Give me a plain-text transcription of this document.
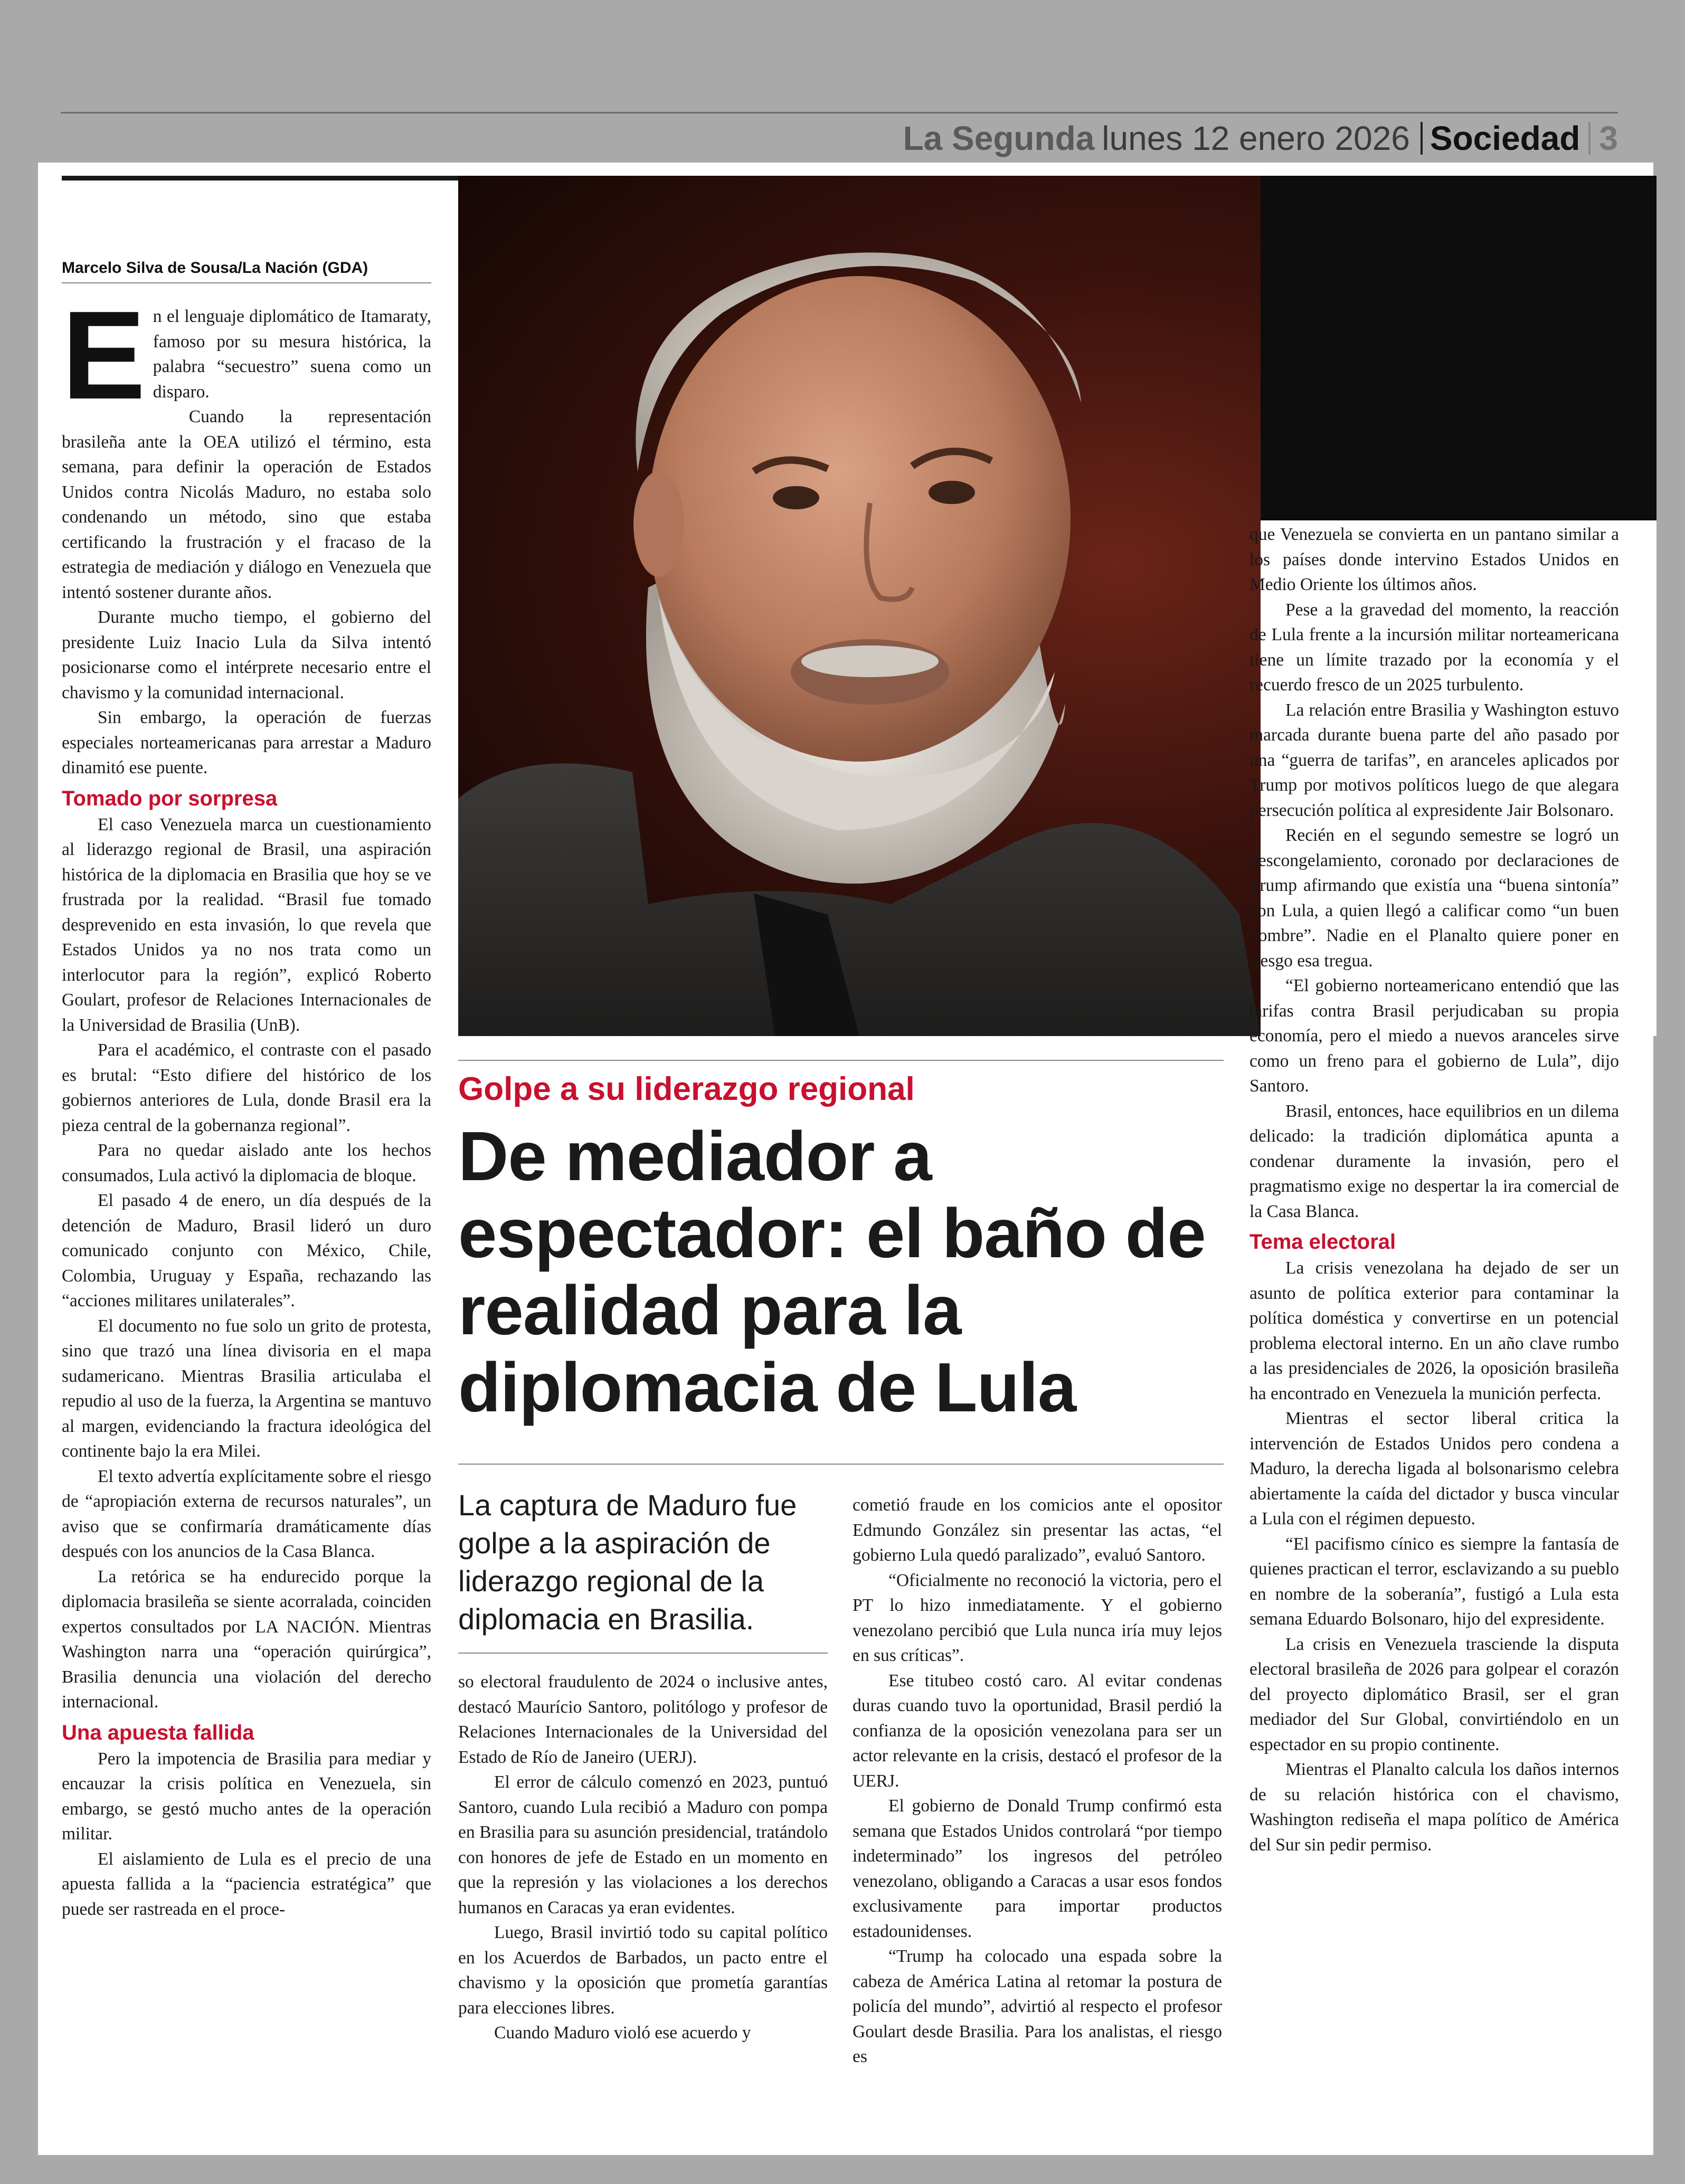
La Segunda lunes 12 enero 2026 Sociedad 3
Marcelo Silva de Sousa/La Nación (GDA)

En el lenguaje diplomático de Itamaraty, famoso por su mesura histórica, la palabra “secuestro” suena como un disparo.

Cuando la representación brasileña ante la OEA utilizó el término, esta semana, para definir la operación de Estados Unidos contra Nicolás Maduro, no estaba solo condenando un método, sino que estaba certificando la frustración y el fracaso de la estrategia de mediación y diálogo en Venezuela que intentó sostener durante años.

Durante mucho tiempo, el gobierno del presidente Luiz Inacio Lula da Silva intentó posicionarse como el intérprete necesario entre el chavismo y la comunidad internacional.

Sin embargo, la operación de fuerzas especiales norteamericanas para arrestar a Maduro dinamitó ese puente.

Tomado por sorpresa

El caso Venezuela marca un cuestionamiento al liderazgo regional de Brasil, una aspiración histórica de la diplomacia en Brasilia que hoy se ve frustrada por la realidad. “Brasil fue tomado desprevenido en esta invasión, lo que revela que Estados Unidos ya no nos trata como un interlocutor para la región”, explicó Roberto Goulart, profesor de Relaciones Internacionales de la Universidad de Brasilia (UnB).

Para el académico, el contraste con el pasado es brutal: “Esto difiere del histórico de los gobiernos anteriores de Lula, donde Brasil era la pieza central de la gobernanza regional”.

Para no quedar aislado ante los hechos consumados, Lula activó la diplomacia de bloque.

El pasado 4 de enero, un día después de la detención de Maduro, Brasil lideró un duro comunicado conjunto con México, Chile, Colombia, Uruguay y España, rechazando las “acciones militares unilaterales”.

El documento no fue solo un grito de protesta, sino que trazó una línea divisoria en el mapa sudamericano. Mientras Brasilia articulaba el repudio al uso de la fuerza, la Argentina se mantuvo al margen, evidenciando la fractura ideológica del continente bajo la era Milei.

El texto advertía explícitamente sobre el riesgo de “apropiación externa de recursos naturales”, un aviso que se confirmaría dramáticamente días después con los anuncios de la Casa Blanca.

La retórica se ha endurecido porque la diplomacia brasileña se siente acorralada, coinciden expertos consultados por LA NACIÓN. Mientras Washington narra una “operación quirúrgica”, Brasilia denuncia una violación del derecho internacional.

Una apuesta fallida

Pero la impotencia de Brasilia para mediar y encauzar la crisis política en Venezuela, sin embargo, se gestó mucho antes de la operación militar.

El aislamiento de Lula es el precio de una apuesta fallida a la “paciencia estratégica” que puede ser rastreada en el proce-

Golpe a su liderazgo regional
De mediador a espectador: el baño de realidad para la diplomacia de Lula
La captura de Maduro fue golpe a la aspiración de liderazgo regional de la diplomacia en Brasilia.

so electoral fraudulento de 2024 o inclusive antes, destacó Maurício Santoro, politólogo y profesor de Relaciones Internacionales de la Universidad del Estado de Río de Janeiro (UERJ).

El error de cálculo comenzó en 2023, puntuó Santoro, cuando Lula recibió a Maduro con pompa en Brasilia para su asunción presidencial, tratándolo con honores de jefe de Estado en un momento en que la represión y las violaciones a los derechos humanos en Caracas ya eran evidentes.

Luego, Brasil invirtió todo su capital político en los Acuerdos de Barbados, un pacto entre el chavismo y la oposición que prometía garantías para elecciones libres.

Cuando Maduro violó ese acuerdo y

cometió fraude en los comicios ante el opositor Edmundo González sin presentar las actas, “el gobierno Lula quedó paralizado”, evaluó Santoro.

“Oficialmente no reconoció la victoria, pero el PT lo hizo inmediatamente. Y el gobierno venezolano percibió que Lula nunca iría muy lejos en sus críticas”.

Ese titubeo costó caro. Al evitar condenas duras cuando tuvo la oportunidad, Brasil perdió la confianza de la oposición venezolana para ser un actor relevante en la crisis, destacó el profesor de la UERJ.

El gobierno de Donald Trump confirmó esta semana que Estados Unidos controlará “por tiempo indeterminado” los ingresos del petróleo venezolano, obligando a Caracas a usar esos fondos exclusivamente para importar productos estadounidenses.

“Trump ha colocado una espada sobre la cabeza de América Latina al retomar la postura de policía del mundo”, advirtió al respecto el profesor Goulart desde Brasilia. Para los analistas, el riesgo es

que Venezuela se convierta en un pantano similar a los países donde intervino Estados Unidos en Medio Oriente los últimos años.

Pese a la gravedad del momento, la reacción de Lula frente a la incursión militar norteamericana tiene un límite trazado por la economía y el recuerdo fresco de un 2025 turbulento.

La relación entre Brasilia y Washington estuvo marcada durante buena parte del año pasado por una “guerra de tarifas”, en aranceles aplicados por Trump por motivos políticos luego de que alegara persecución política al expresidente Jair Bolsonaro.

Recién en el segundo semestre se logró un descongelamiento, coronado por declaraciones de Trump afirmando que existía una “buena sintonía” con Lula, a quien llegó a calificar como “un buen hombre”. Nadie en el Planalto quiere poner en riesgo esa tregua.

“El gobierno norteamericano entendió que las tarifas contra Brasil perjudicaban su propia economía, pero el miedo a nuevos aranceles sirve como un freno para el gobierno de Lula”, dijo Santoro.

Brasil, entonces, hace equilibrios en un dilema delicado: la tradición diplomática apunta a condenar duramente la invasión, pero el pragmatismo exige no despertar la ira comercial de la Casa Blanca.

Tema electoral

La crisis venezolana ha dejado de ser un asunto de política exterior para contaminar la política doméstica y convertirse en un potencial problema electoral interno. En un año clave rumbo a las presidenciales de 2026, la oposición brasileña ha encontrado en Venezuela la munición perfecta.

Mientras el sector liberal critica la intervención de Estados Unidos pero condena a Maduro, la derecha ligada al bolsonarismo celebra abiertamente la caída del dictador y busca vincular a Lula con el régimen depuesto.

“El pacifismo cínico es siempre la fantasía de quienes practican el terror, esclavizando a su pueblo en nombre de la soberanía”, fustigó a Lula esta semana Eduardo Bolsonaro, hijo del expresidente.

La crisis en Venezuela trasciende la disputa electoral brasileña de 2026 para golpear el corazón del proyecto diplomático Brasil, ser el gran mediador del Sur Global, convirtiéndolo en un espectador en su propio continente.

Mientras el Planalto calcula los daños internos de su relación histórica con el chavismo, Washington rediseña el mapa político de América del Sur sin pedir permiso.
